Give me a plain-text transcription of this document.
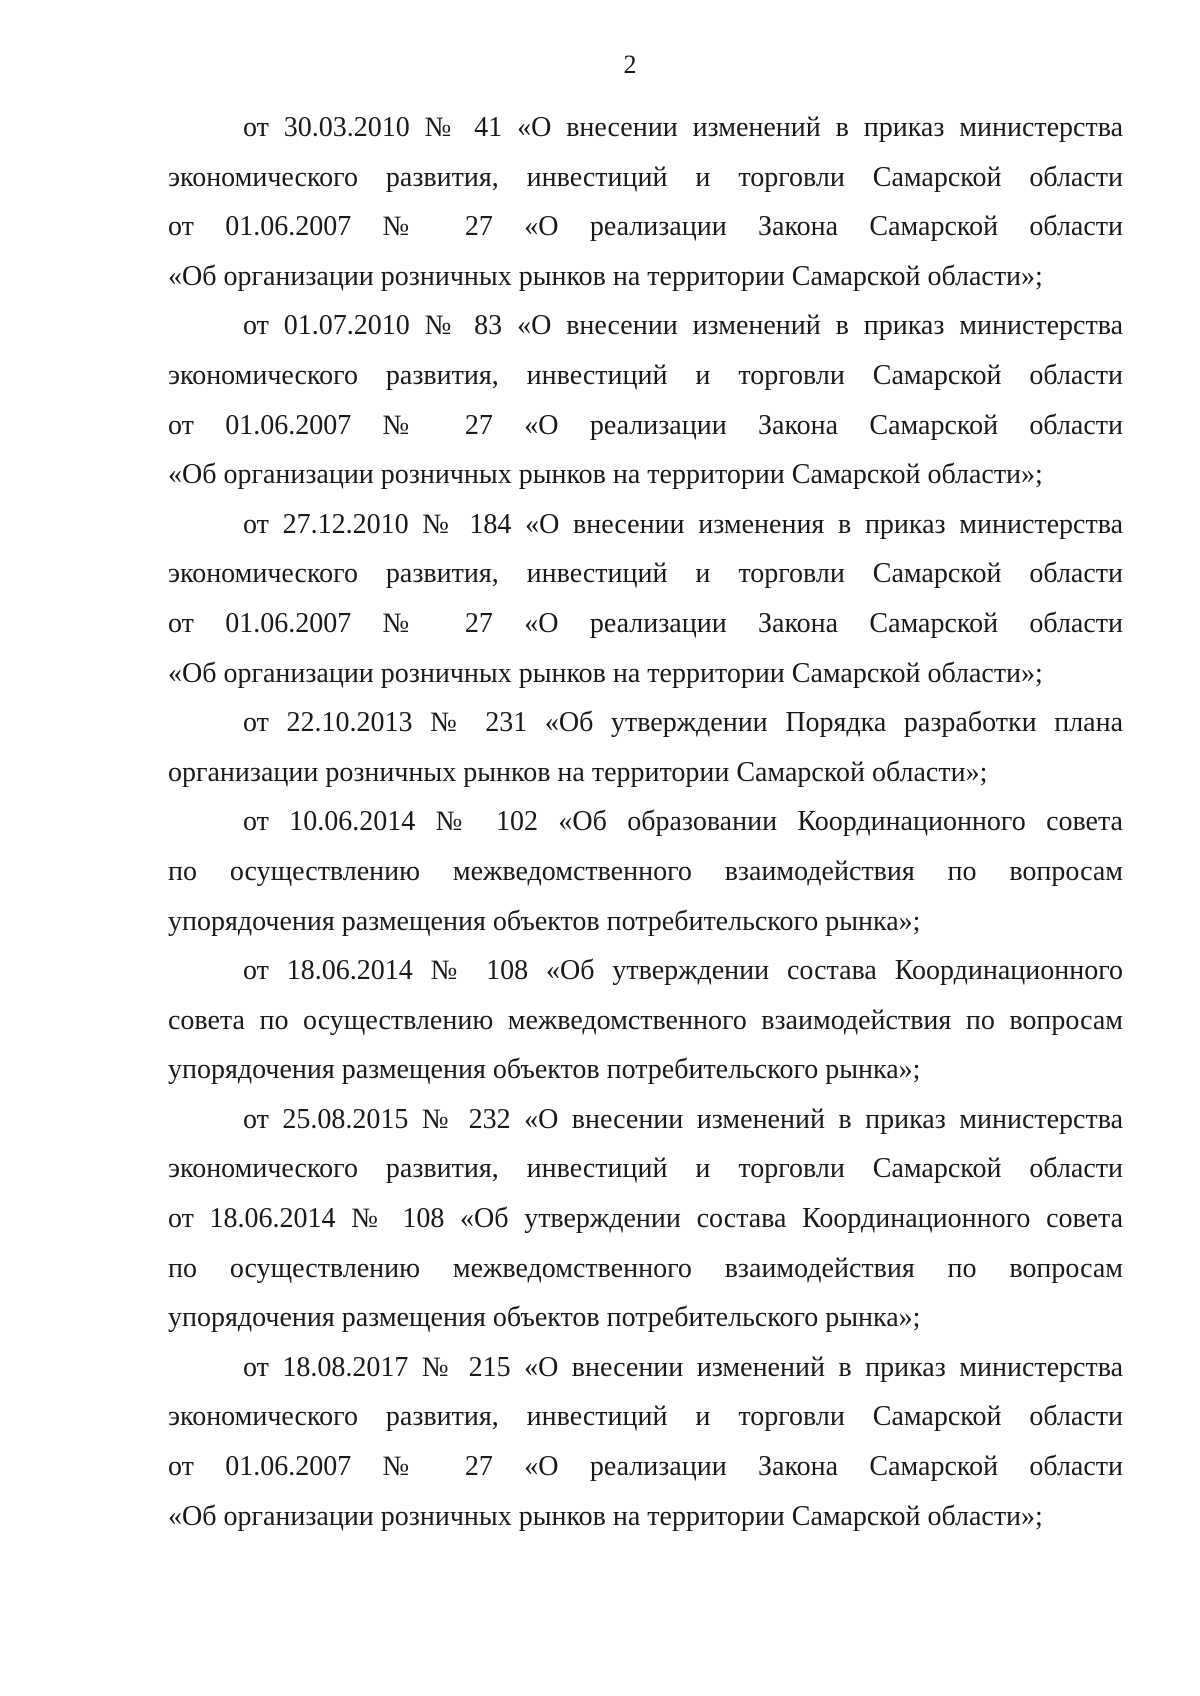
2
от 30.03.2010 № 41 «О внесении изменений в приказ министерства
экономического развития, инвестиций и торговли Самарской области
от 01.06.2007 № 27 «О реализации Закона Самарской области
«Об организации розничных рынков на территории Самарской области»;
от 01.07.2010 № 83 «О внесении изменений в приказ министерства
экономического развития, инвестиций и торговли Самарской области
от 01.06.2007 № 27 «О реализации Закона Самарской области
«Об организации розничных рынков на территории Самарской области»;
от 27.12.2010 № 184 «О внесении изменения в приказ министерства
экономического развития, инвестиций и торговли Самарской области
от 01.06.2007 № 27 «О реализации Закона Самарской области
«Об организации розничных рынков на территории Самарской области»;
от 22.10.2013 № 231 «Об утверждении Порядка разработки плана
организации розничных рынков на территории Самарской области»;
от 10.06.2014 № 102 «Об образовании Координационного совета
по осуществлению межведомственного взаимодействия по вопросам
упорядочения размещения объектов потребительского рынка»;
от 18.06.2014 № 108 «Об утверждении состава Координационного
совета по осуществлению межведомственного взаимодействия по вопросам
упорядочения размещения объектов потребительского рынка»;
от 25.08.2015 № 232 «О внесении изменений в приказ министерства
экономического развития, инвестиций и торговли Самарской области
от 18.06.2014 № 108 «Об утверждении состава Координационного совета
по осуществлению межведомственного взаимодействия по вопросам
упорядочения размещения объектов потребительского рынка»;
от 18.08.2017 № 215 «О внесении изменений в приказ министерства
экономического развития, инвестиций и торговли Самарской области
от 01.06.2007 № 27 «О реализации Закона Самарской области
«Об организации розничных рынков на территории Самарской области»;
